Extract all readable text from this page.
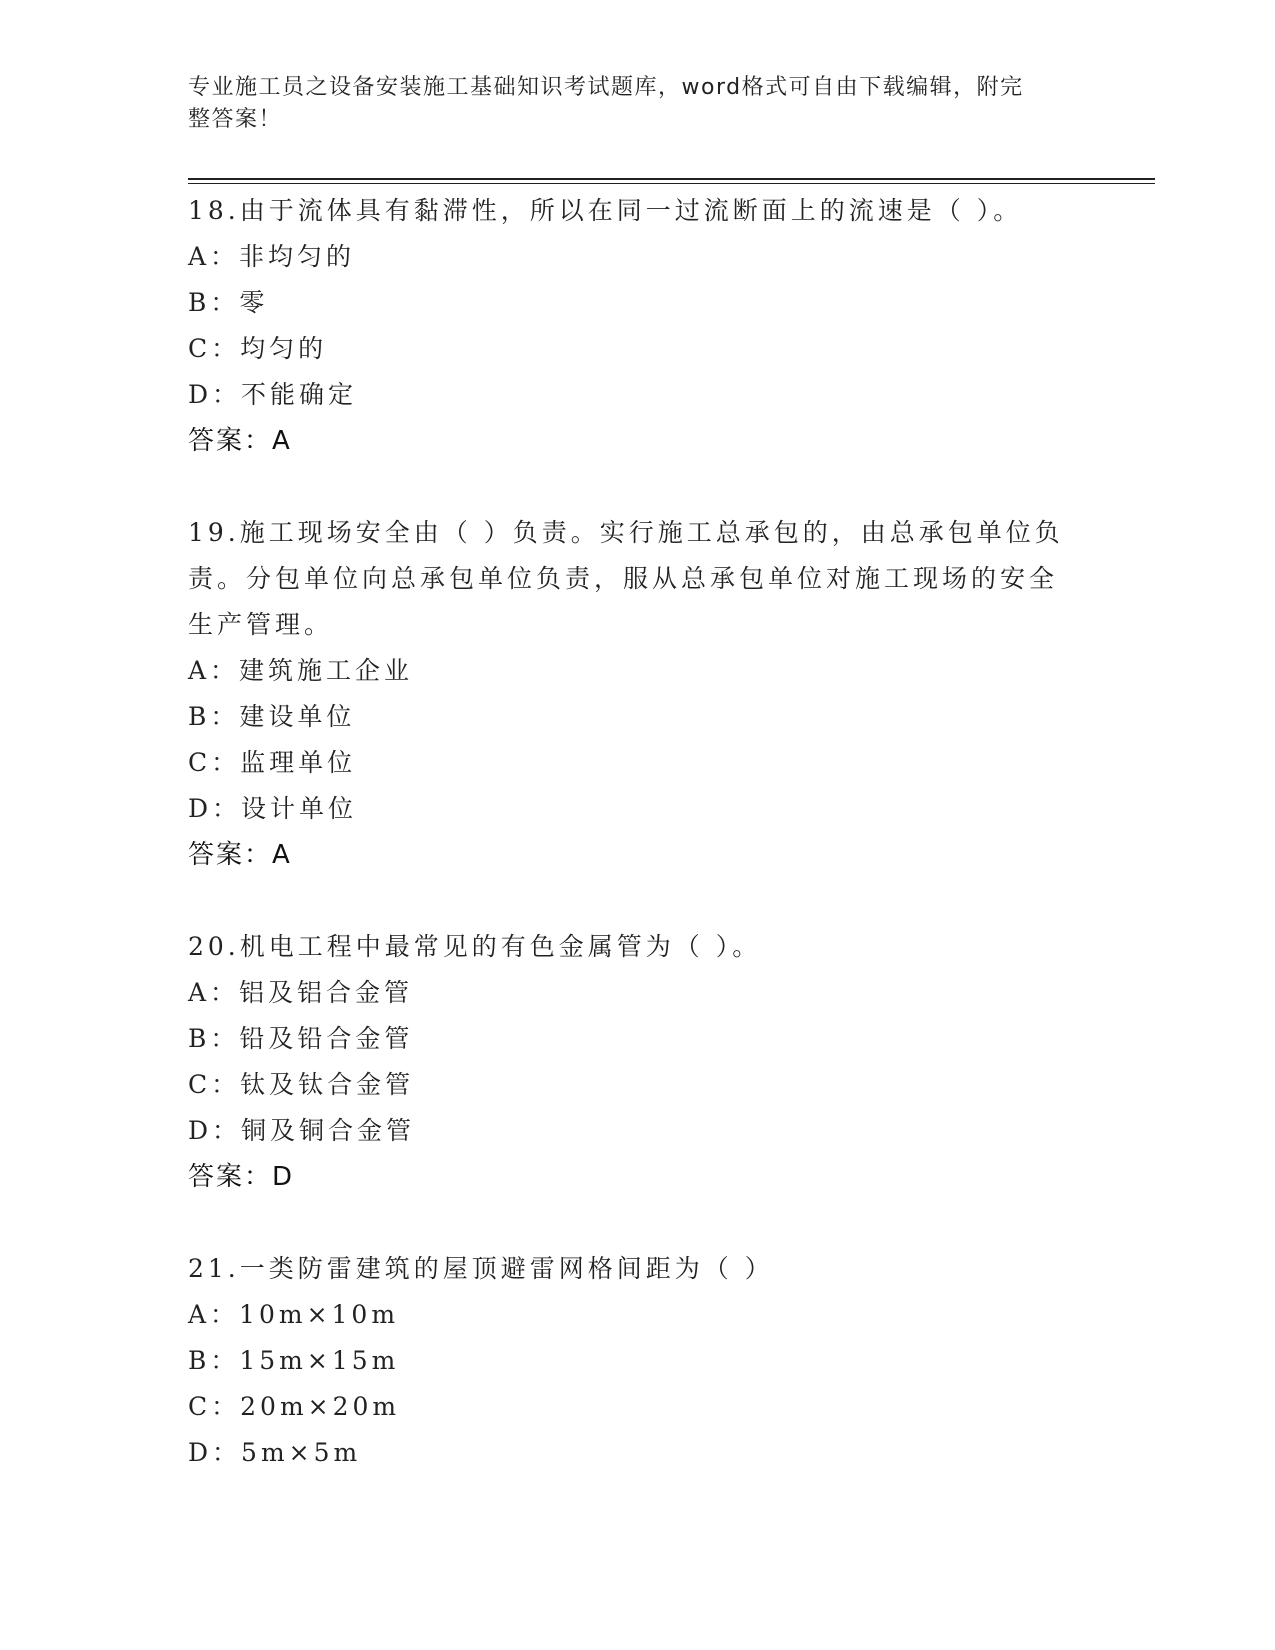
专业施工员之设备安装施工基础知识考试题库，word格式可自由下载编辑，附完
整答案！
18.由于流体具有黏滞性，所以在同一过流断面上的流速是（ ）。
A：非均匀的
B：零
C：均匀的
D：不能确定
答案：A
19.施工现场安全由（ ）负责。实行施工总承包的，由总承包单位负
责。分包单位向总承包单位负责，服从总承包单位对施工现场的安全
生产管理。
A：建筑施工企业
B：建设单位
C：监理单位
D：设计单位
答案：A
20.机电工程中最常见的有色金属管为（ ）。
A：铝及铝合金管
B：铅及铅合金管
C：钛及钛合金管
D：铜及铜合金管
答案：D
21.一类防雷建筑的屋顶避雷网格间距为（ ）
A：10m×10m
B：15m×15m
C：20m×20m
D：5m×5m
